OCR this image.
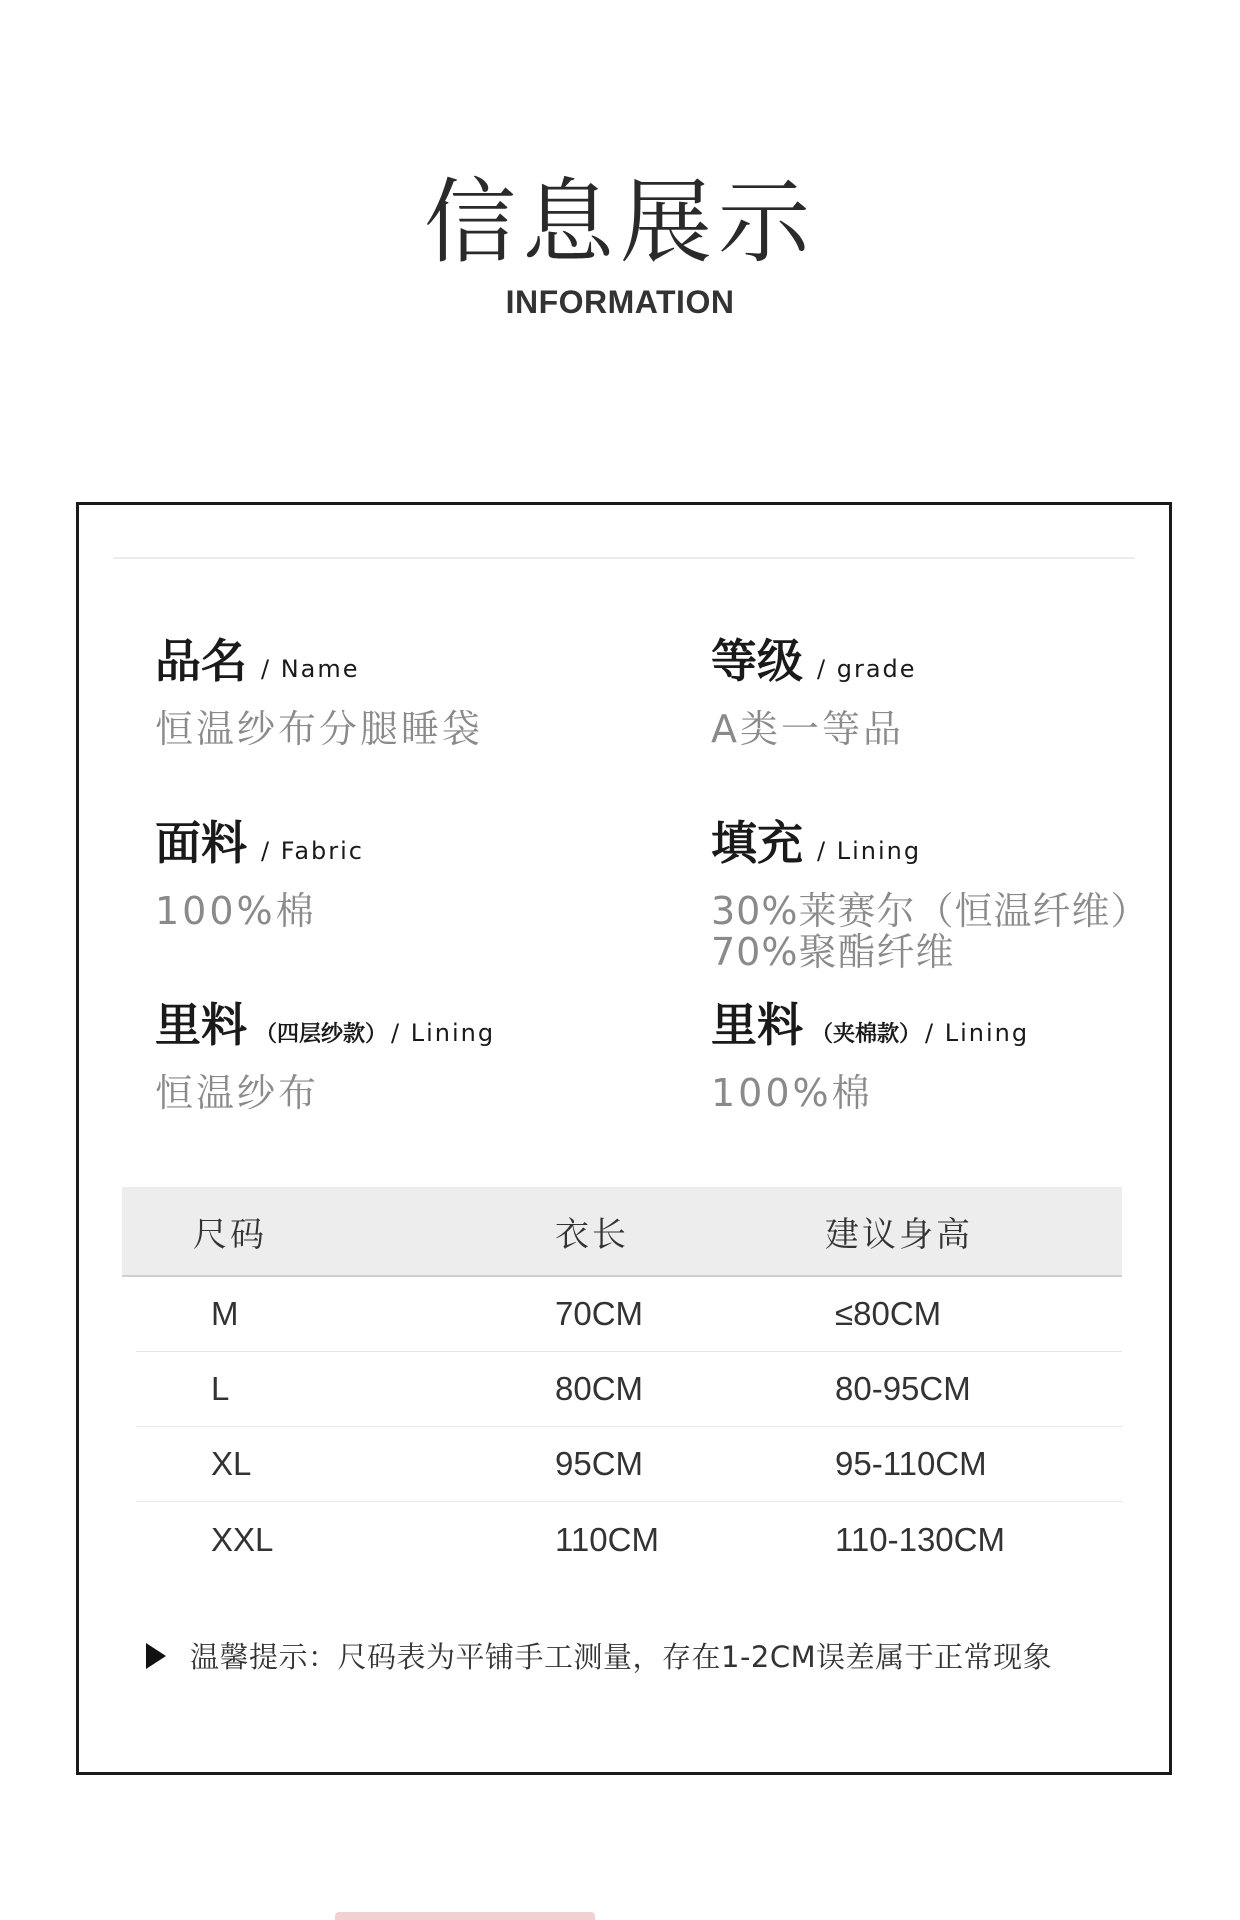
信息展示
INFORMATION
品名 / Name
恒温纱布分腿睡袋
等级 / grade
A类一等品
面料 / Fabric
100%棉
填充 / Lining
30%莱赛尔（恒温纤维）
70%聚酯纤维
里料 （四层纱款） / Lining
恒温纱布
里料 （夹棉款） / Lining
100%棉
尺码	衣长	建议身高
M	70CM	≤80CM
L	80CM	80-95CM
XL	95CM	95-110CM
XXL	110CM	110-130CM
温馨提示：尺码表为平铺手工测量，存在1-2CM误差属于正常现象
